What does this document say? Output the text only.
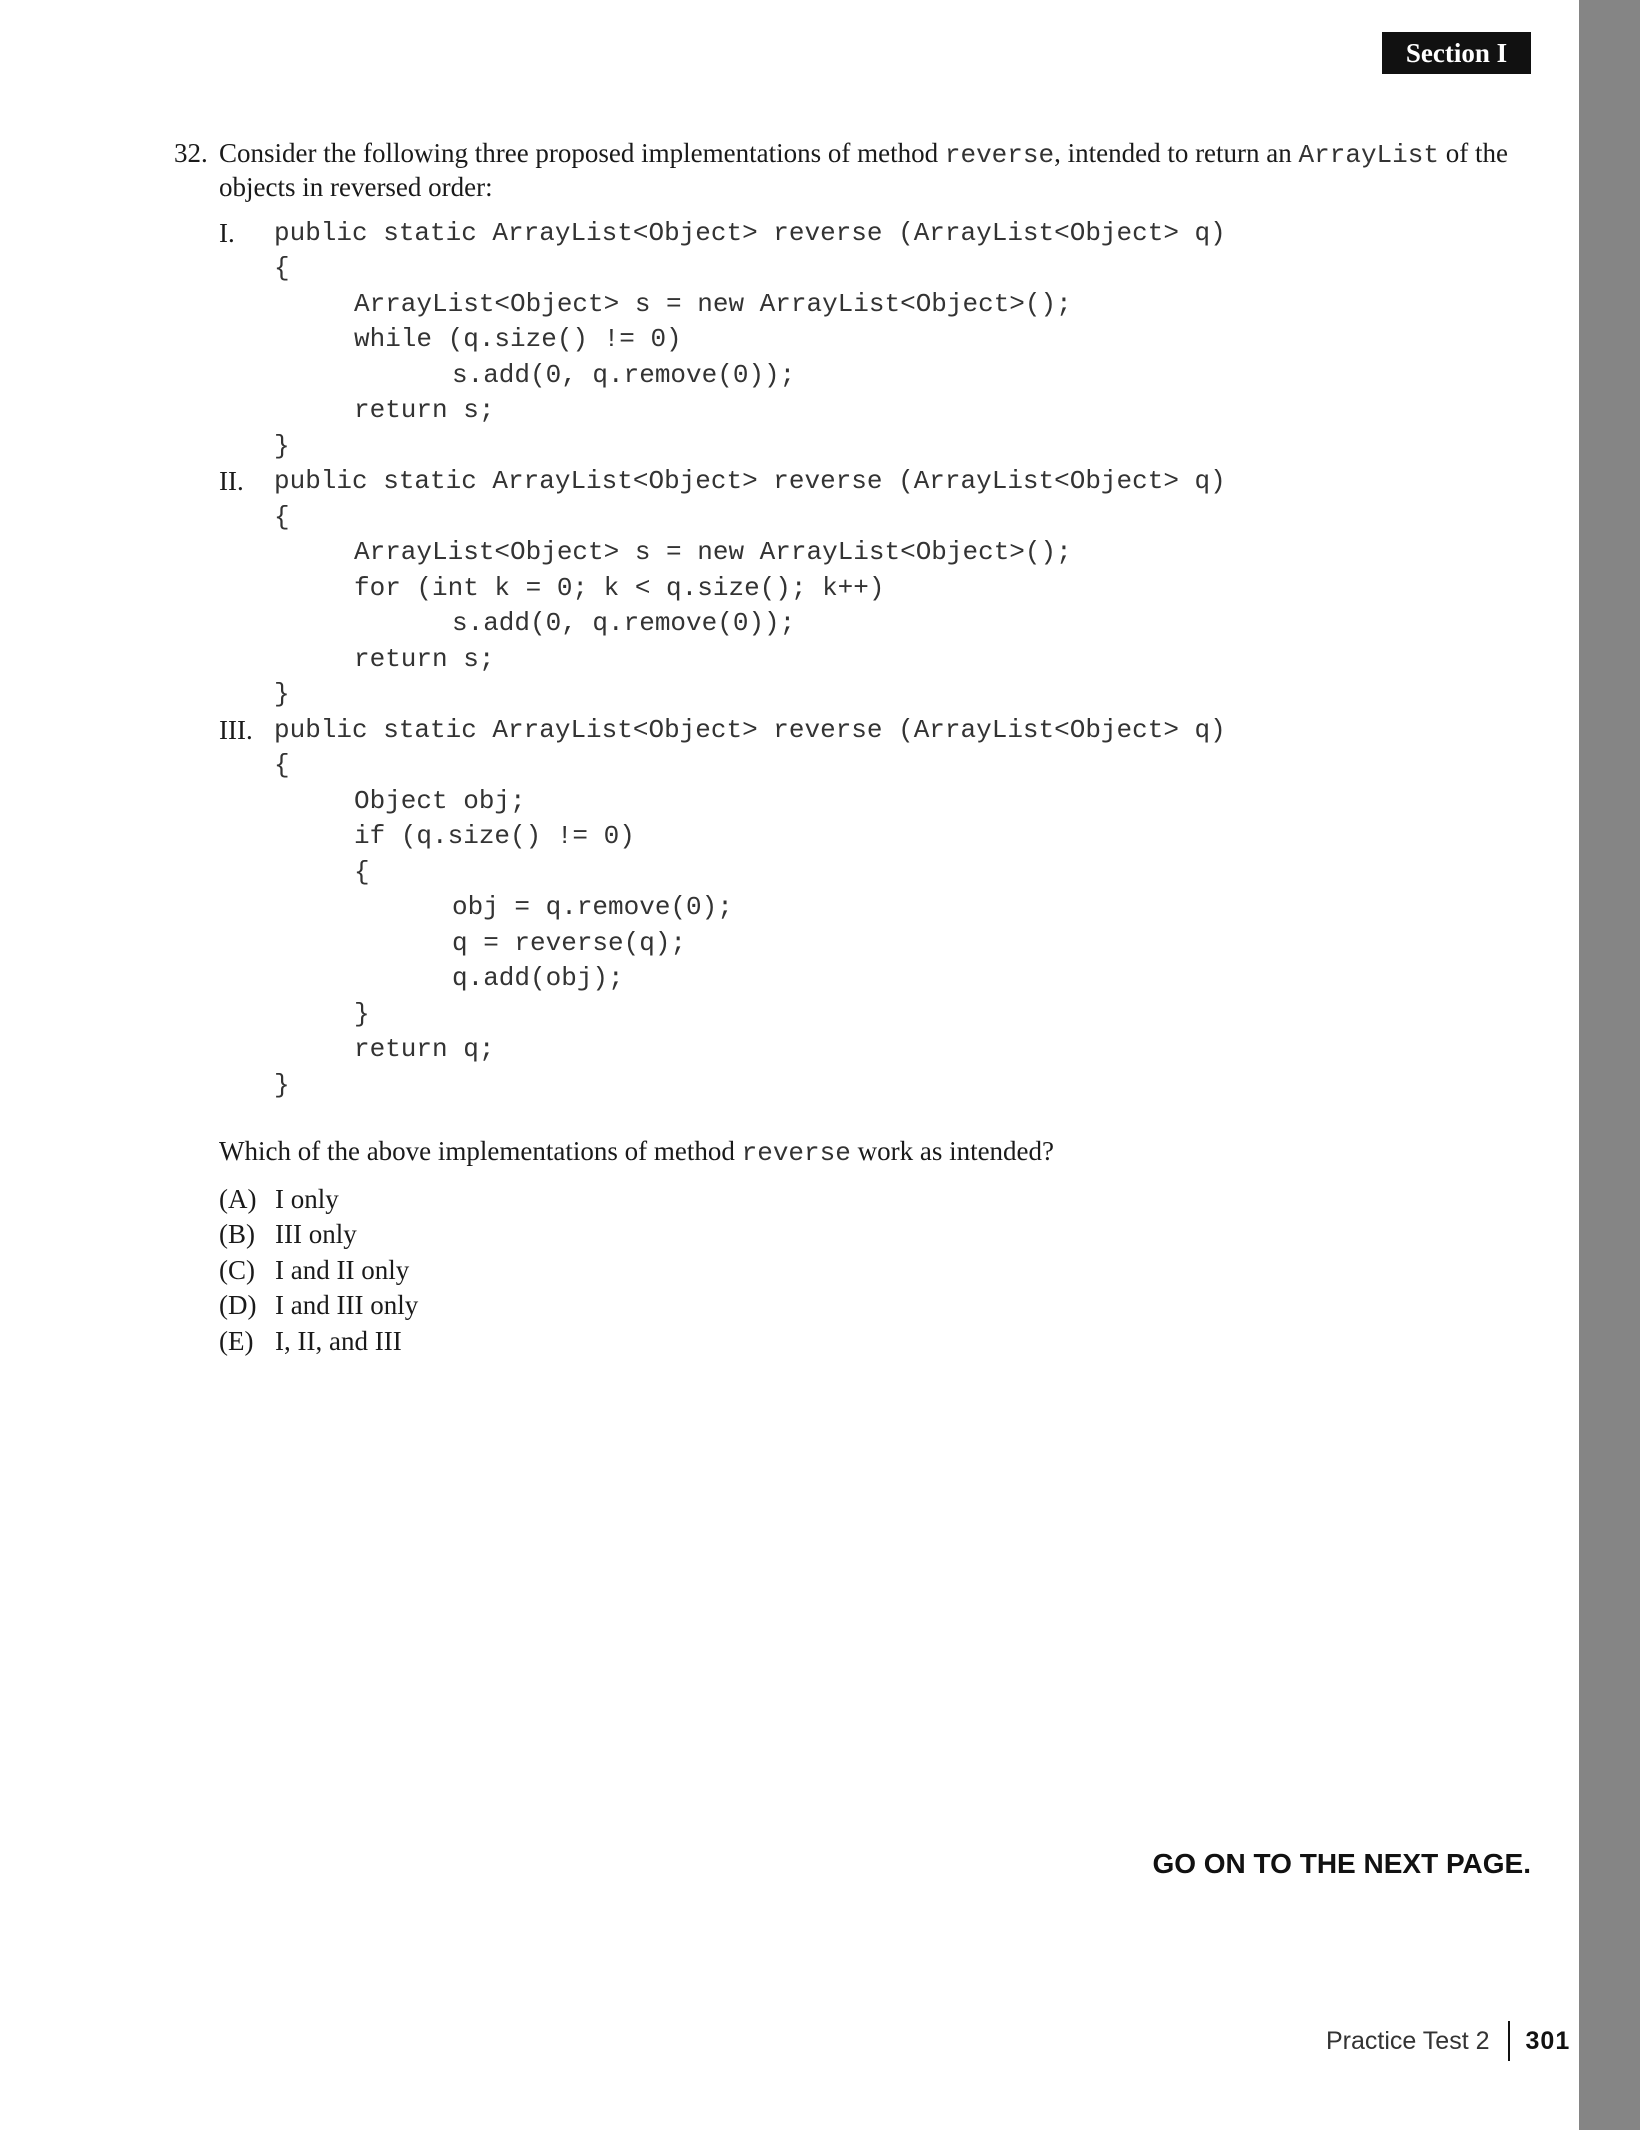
Section I
32. Consider the following three proposed implementations of method reverse, intended to return an ArrayList of the objects in reversed order:
I. public static ArrayList<Object> reverse (ArrayList<Object> q)
{
ArrayList<Object> s = new ArrayList<Object>();
while (q.size() != 0)
s.add(0, q.remove(0));
return s;
}
II. public static ArrayList<Object> reverse (ArrayList<Object> q)
{
ArrayList<Object> s = new ArrayList<Object>();
for (int k = 0; k < q.size(); k++)
s.add(0, q.remove(0));
return s;
}
III. public static ArrayList<Object> reverse (ArrayList<Object> q)
{
Object obj;
if (q.size() != 0)
{
obj = q.remove(0);
q = reverse(q);
q.add(obj);
}
return q;
}
Which of the above implementations of method reverse work as intended?
(A) I only
(B) III only
(C) I and II only
(D) I and III only
(E) I, II, and III
GO ON TO THE NEXT PAGE.
Practice Test 2 301
